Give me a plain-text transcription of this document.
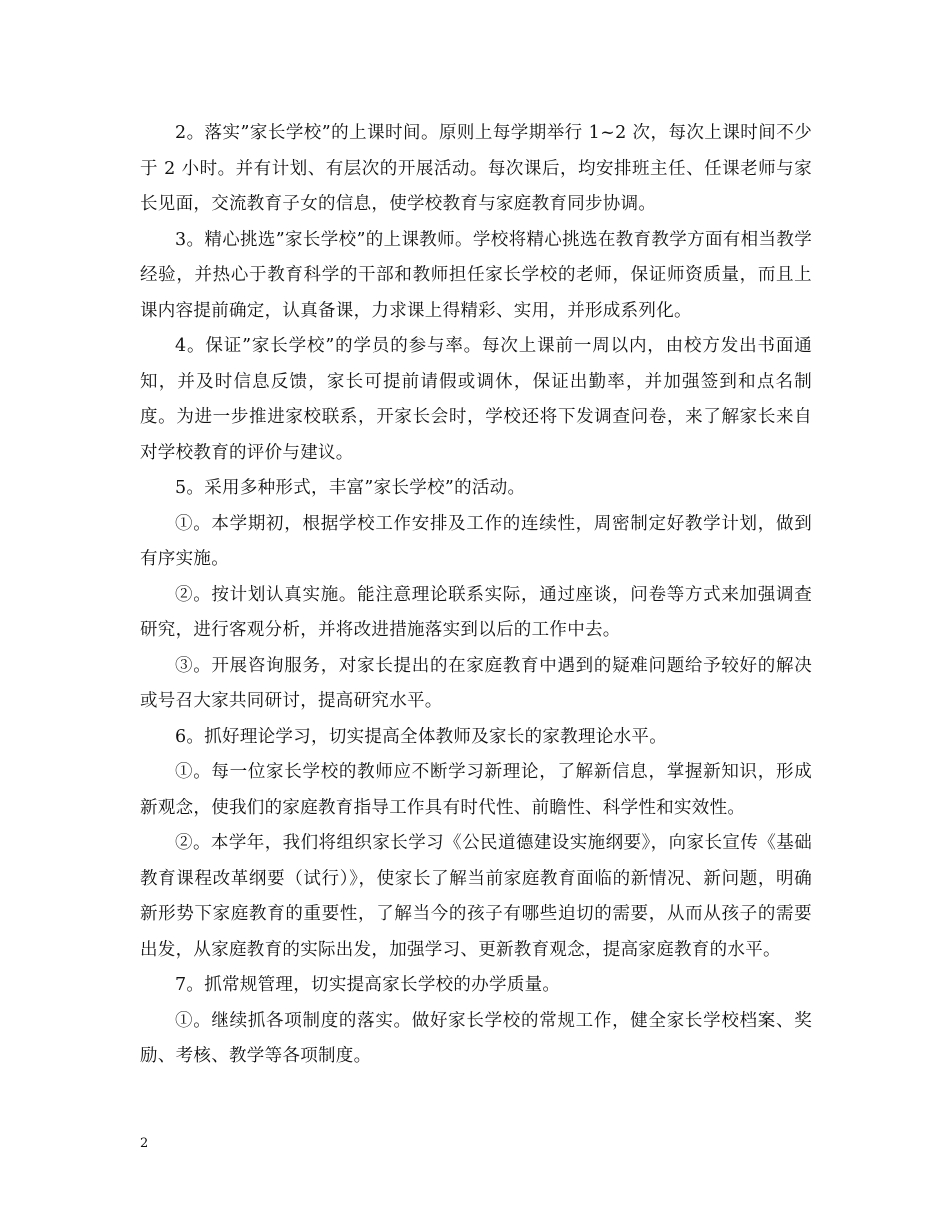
2。落实”家长学校”的上课时间。原则上每学期举行 1~2 次，每次上课时间不少于 2 小时。并有计划、有层次的开展活动。每次课后，均安排班主任、任课老师与家长见面，交流教育子女的信息，使学校教育与家庭教育同步协调。

3。精心挑选”家长学校”的上课教师。学校将精心挑选在教育教学方面有相当教学经验，并热心于教育科学的干部和教师担任家长学校的老师，保证师资质量，而且上课内容提前确定，认真备课，力求课上得精彩、实用，并形成系列化。

4。保证”家长学校”的学员的参与率。每次上课前一周以内，由校方发出书面通知，并及时信息反馈，家长可提前请假或调休，保证出勤率，并加强签到和点名制度。为进一步推进家校联系，开家长会时，学校还将下发调查问卷，来了解家长来自对学校教育的评价与建议。

5。采用多种形式，丰富”家长学校”的活动。

①。本学期初，根据学校工作安排及工作的连续性，周密制定好教学计划，做到有序实施。

②。按计划认真实施。能注意理论联系实际，通过座谈，问卷等方式来加强调查研究，进行客观分析，并将改进措施落实到以后的工作中去。

③。开展咨询服务，对家长提出的在家庭教育中遇到的疑难问题给予较好的解决或号召大家共同研讨，提高研究水平。

6。抓好理论学习，切实提高全体教师及家长的家教理论水平。

①。每一位家长学校的教师应不断学习新理论，了解新信息，掌握新知识，形成新观念，使我们的家庭教育指导工作具有时代性、前瞻性、科学性和实效性。

②。本学年，我们将组织家长学习《公民道德建设实施纲要》，向家长宣传《基础教育课程改革纲要（试行）》，使家长了解当前家庭教育面临的新情况、新问题，明确新形势下家庭教育的重要性，了解当今的孩子有哪些迫切的需要，从而从孩子的需要出发，从家庭教育的实际出发，加强学习、更新教育观念，提高家庭教育的水平。

7。抓常规管理，切实提高家长学校的办学质量。

①。继续抓各项制度的落实。做好家长学校的常规工作，健全家长学校档案、奖励、考核、教学等各项制度。

2
